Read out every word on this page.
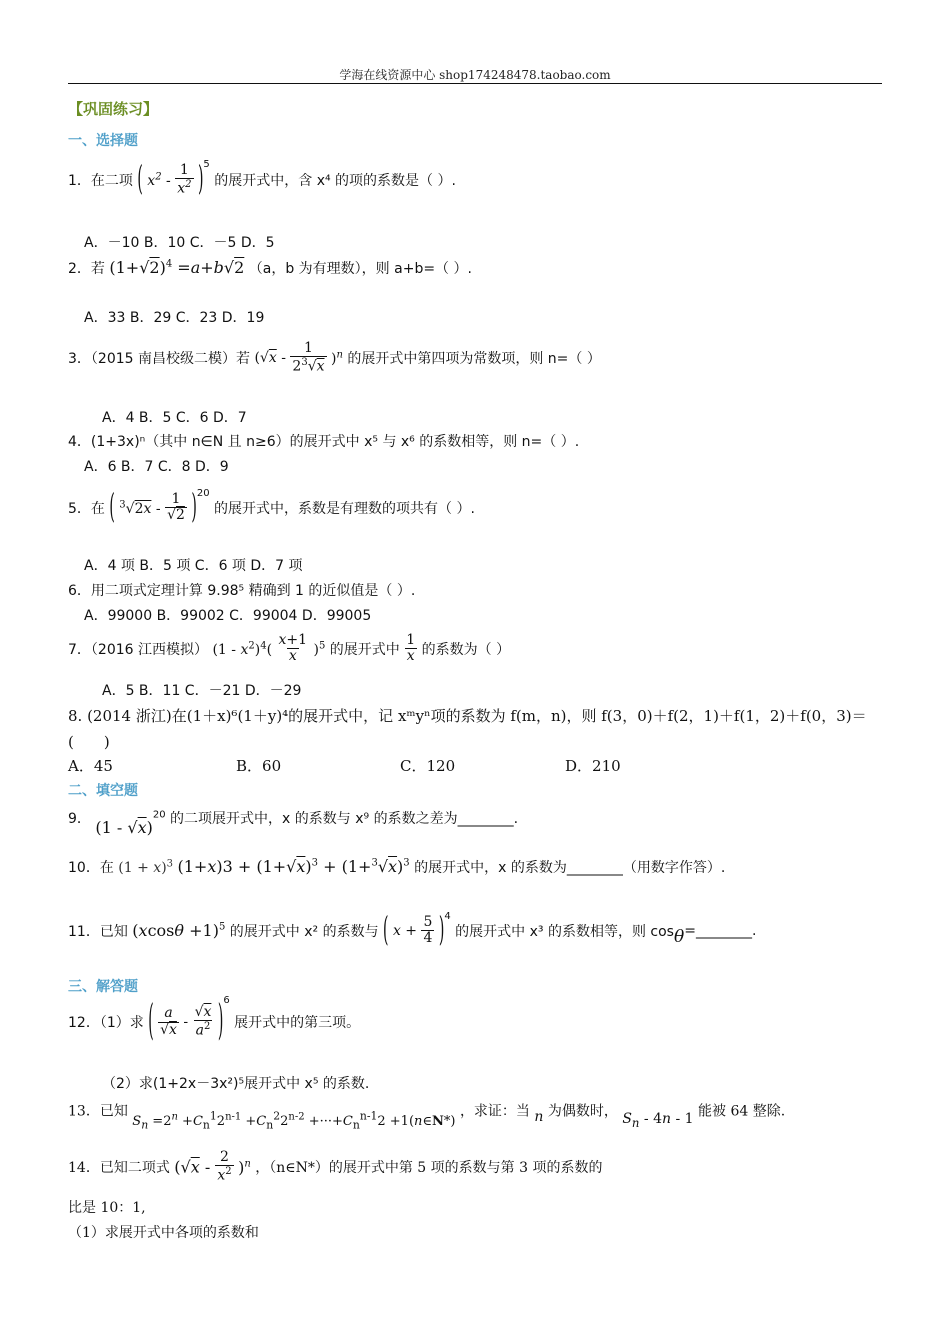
学海在线资源中心 shop174248478.taobao.com
【巩固练习】
一、选择题
1．在二项 ( $x^2 - \frac{1}{x^2} )^5$ 的展开式中，含 x⁴ 的项的系数是（ ）.
A．－10 B．10 C．－5 D．5
2．若 $(1+√2)^4 =a+b√2$ （a，b 为有理数），则 a+b=（ ）.
A．33 B．29 C．23 D．19
3．（2015 南昌校级二模）若 $(√x - \frac{1}{2^3√x} )^n$ 的展开式中第四项为常数项，则 n=（ ）
A．4 B．5 C．6 D．7
4．(1+3x)ⁿ（其中 n∈N 且 n≥6）的展开式中 x⁵ 与 x⁶ 的系数相等，则 n=（ ）.
A．6 B．7 C．8 D．9
5．在 ( $^3√2x - \frac{1}{√2} )^{20}$ 的展开式中，系数是有理数的项共有（ ）.
A．4 项 B．5 项 C．6 项 D．7 项
6．用二项式定理计算 9.98⁵ 精确到 1 的近似值是（ ）.
A．99000 B．99002 C．99004 D．99005
7．（2016 江西模拟） $(1 - x^2)^4( \frac{x+1}{x} )^5$ 的展开式中 $\frac{1}{x}$ 的系数为（ ）
A．5 B．11 C．－21 D．－29
8. (2014 浙江)在(1＋x)⁶(1＋y)⁴的展开式中，记 xᵐyⁿ项的系数为 f(m，n)，则 f(3，0)＋f(2，1)＋f(1，2)＋f(0，3)＝
(　　)
A．45	B．60	C．120	D．210
二、填空题
9． (1 - √x)$^{20}$ 的二项展开式中，x 的系数与 x⁹ 的系数之差为________.
10．在 $(1 + x)^3$ $(1+x)3 + (1+√x)^3 + (1+^3√x)^3$ 的展开式中，x 的系数为________（用数字作答）.
11．已知 $(xcos\theta +1)^5$ 的展开式中 x² 的系数与 ( $x + \frac{5}{4} )^4$ 的展开式中 x³ 的系数相等，则 cosθ=________.
三、解答题
12．（1）求 ( $\frac{a}{√x} - \frac{√x}{a^2} )^6$ 展开式中的第三项。
（2）求(1+2x－3x²)⁵展开式中 x⁵ 的系数.
13．已知 $S_n =2^n +C_n^12^{n-1} +C_n^22^{n-2} +\cdot\cdot\cdot+C_n^{n-1}2$ +1(n∈N*) ，求证：当 n 为偶数时， $S_n - 4n - 1$ 能被 64 整除.
14．已知二项式 $(√x - \frac{2}{x^2} )^n$ ，（n∈N*）的展开式中第 5 项的系数与第 3 项的系数的
比是 10：1,
（1）求展开式中各项的系数和
